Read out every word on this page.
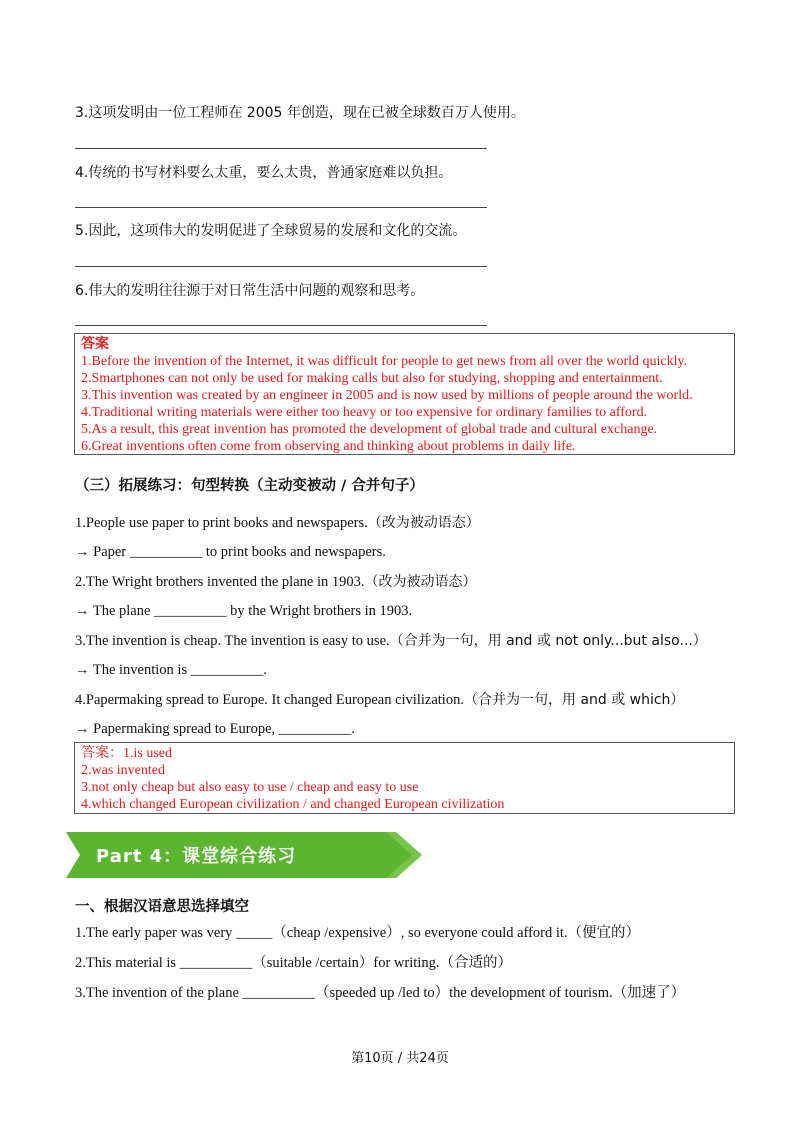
3.这项发明由一位工程师在 2005 年创造，现在已被全球数百万人使用。
4.传统的书写材料要么太重，要么太贵，普通家庭难以负担。
5.因此，这项伟大的发明促进了全球贸易的发展和文化的交流。
6.伟大的发明往往源于对日常生活中问题的观察和思考。
答案
1.Before the invention of the Internet, it was difficult for people to get news from all over the world quickly.
2.Smartphones can not only be used for making calls but also for studying, shopping and entertainment.
3.This invention was created by an engineer in 2005 and is now used by millions of people around the world.
4.Traditional writing materials were either too heavy or too expensive for ordinary families to afford.
5.As a result, this great invention has promoted the development of global trade and cultural exchange.
6.Great inventions often come from observing and thinking about problems in daily life.
（三）拓展练习：句型转换（主动变被动 / 合并句子）
1.People use paper to print books and newspapers.（改为被动语态）
→ Paper __________ to print books and newspapers.
2.The Wright brothers invented the plane in 1903.（改为被动语态）
→ The plane __________ by the Wright brothers in 1903.
3.The invention is cheap. The invention is easy to use.（合并为一句，用 and 或 not only...but also...）
→ The invention is __________.
4.Papermaking spread to Europe. It changed European civilization.（合并为一句，用 and 或 which）
→ Papermaking spread to Europe, __________.
答案：1.is used
2.was invented
3.not only cheap but also easy to use / cheap and easy to use
4.which changed European civilization / and changed European civilization
Part 4：课堂综合练习
一、根据汉语意思选择填空
1.The early paper was very _____（cheap /expensive）, so everyone could afford it.（便宜的）
2.This material is __________（suitable /certain）for writing.（合适的）
3.The invention of the plane __________（speeded up /led to）the development of tourism.（加速了）
第10页 / 共24页
